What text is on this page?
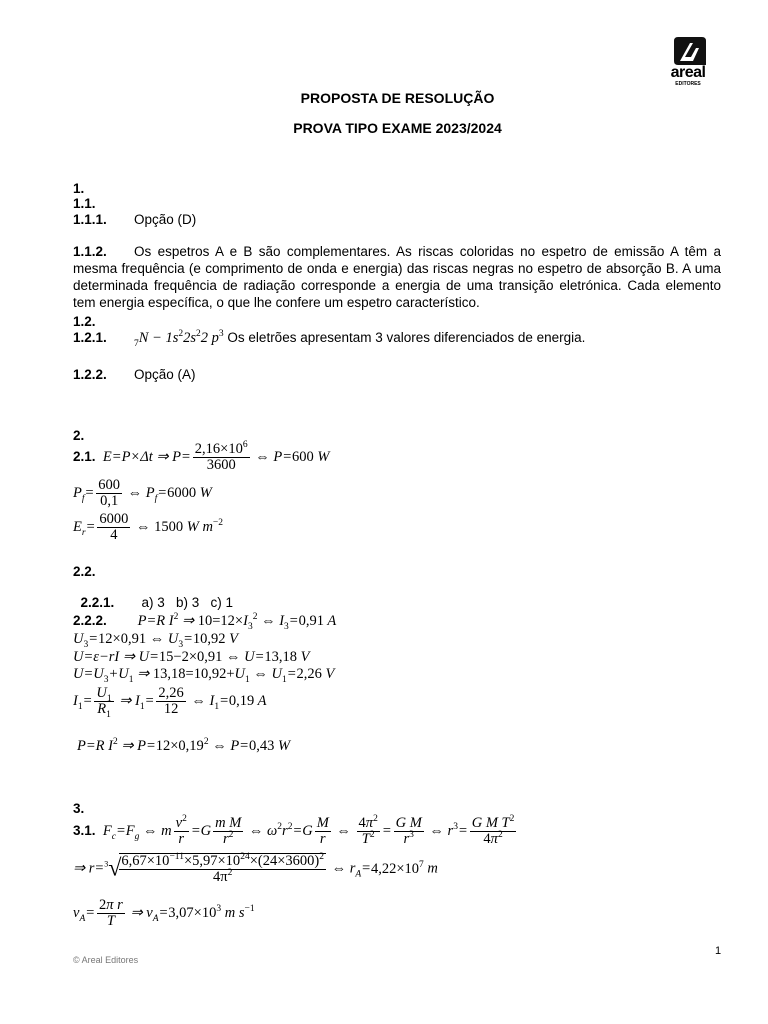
areal
EDITORES
PROPOSTA DE RESOLUÇÃO
PROVA TIPO EXAME 2023/2024
1.
1.1.
1.1.1. Opção (D)
1.1.2. Os espetros A e B são complementares. As riscas coloridas no espetro de emissão A têm a mesma frequência (e comprimento de onda e energia) das riscas negras no espetro de absorção B. A uma determinada frequência de radiação corresponde a energia de uma transição eletrónica. Cada elemento tem energia específica, o que lhe confere um espetro característico.
1.2.
1.2.1.	$_7N - 1s^22s^22$ $p^3$ Os eletrões apresentam 3 valores diferenciados de energia.
1.2.2. Opção (A)
2.
2.1.  E=P×Δt ⇒ $P= \frac{2,16\times 10^6}{3600}$ ⇔ P=600 W
$P_f= \frac{600}{0,1}$ ⇔ $P_f=6000$ W
$E_r= \frac{6000}{4}$ ⇔ 1500 W $m^{-2}$
2.2.

2.2.1. a) 3   b) 3   c) 1

2.2.2. P=R $I^2$ ⇒ $10=12\times I_3^2$ ⇔ $I_3=0,91$ A
$U_3=12\times 0,91$ ⇔ $U_3=10,92$ V
U=ε−rI ⇒ U=15−2×0,91 ⇔ U=13,18 V
$U=U_3+U_1$ ⇒ $13,18=10,92+U_1$ ⇔ $U_1=2,26$ V
$I_1= \frac{U_1}{R_1}$ ⇒ $I_1= \frac{2,26}{12}$ ⇔ $I_1=0,19$ A
P=R $I^2$ ⇒ $P=12\times 0,19^2$ ⇔ P=0,43 W
3.
3.1.  $F_c=F_g$ ⇔ m $\frac{v^2}{r} =G \frac{\text{m M}}{r^2}$ ⇔ $\omega^2r^2=G \frac{M}{r}$ ⇔ $\frac{4\pi^2}{T^2} = \frac{\text{G M}}{r^3}$ ⇔ $r^3= \frac{G M T^2}{4\pi^2}$
⇒ r=$^3$√
$\frac{6,67\times 10^{-11}\times 5,97\times 10^{24}\times(24\times 3600)^2}{4\pi^2}$ ⇔ $r_A=4,22\times 10^7$ m
$v_A= \frac{\text{2π r}}{T}$ ⇒ $v_A=3,07\times 10^3$ m $s^{-1}$
1
© Areal Editores
